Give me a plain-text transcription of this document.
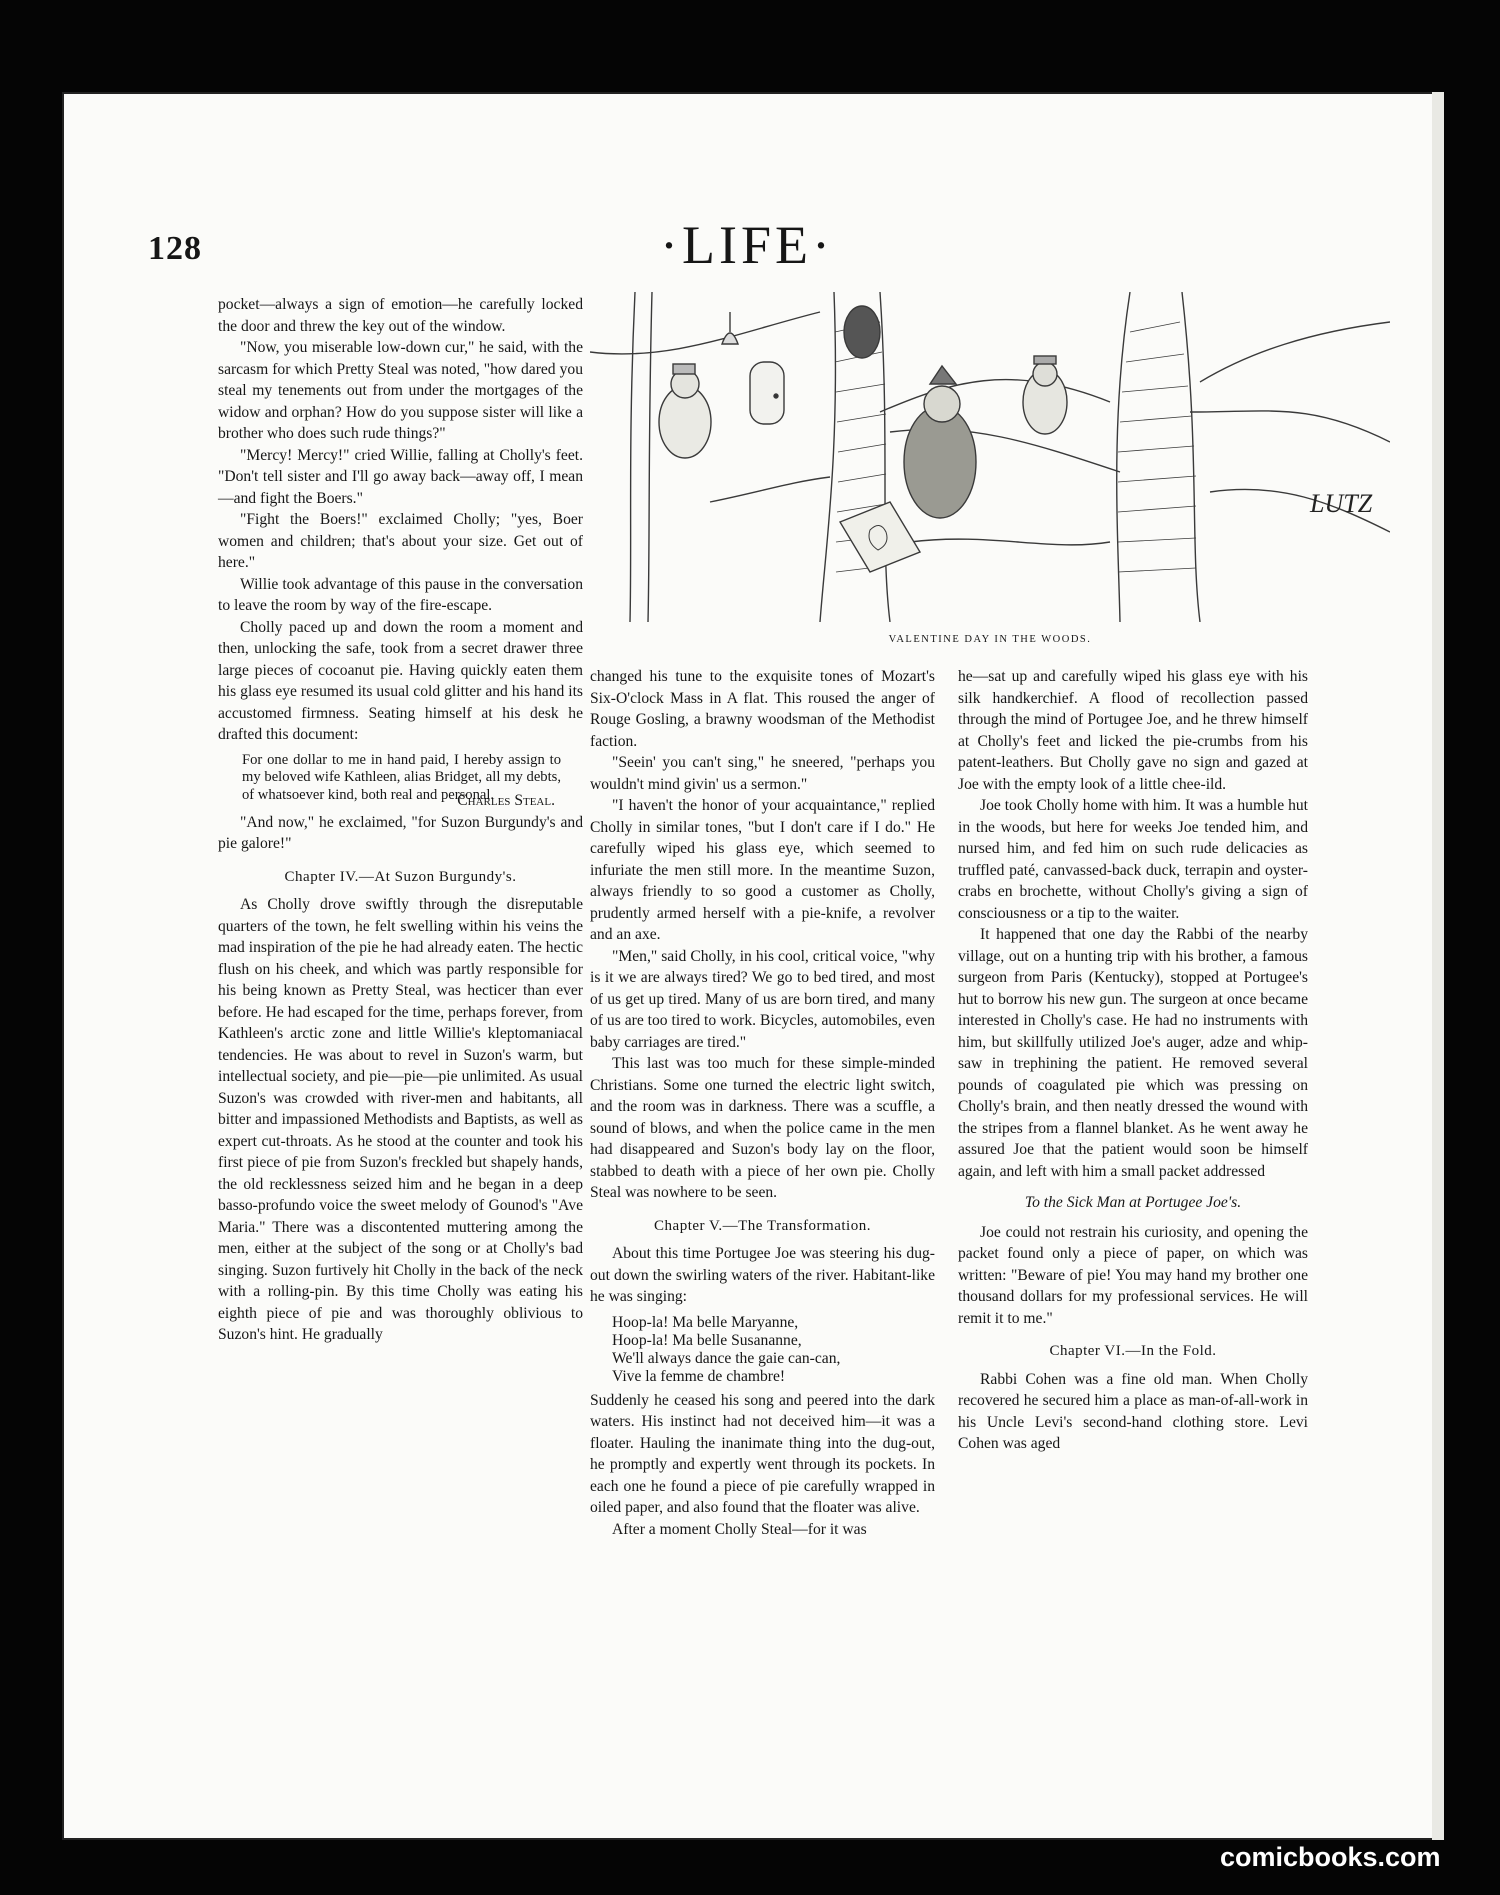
128	·LIFE·
LUTZ
VALENTINE DAY IN THE WOODS.

pocket—always a sign of emotion—he carefully locked the door and threw the key out of the window.

"Now, you miserable low-down cur," he said, with the sarcasm for which Pretty Steal was noted, "how dared you steal my tenements out from under the mortgages of the widow and orphan? How do you suppose sister will like a brother who does such rude things?"

"Mercy! Mercy!" cried Willie, falling at Cholly's feet. "Don't tell sister and I'll go away back—away off, I mean—and fight the Boers."

"Fight the Boers!" exclaimed Cholly; "yes, Boer women and children; that's about your size. Get out of here."

Willie took advantage of this pause in the conversation to leave the room by way of the fire-escape.

Cholly paced up and down the room a moment and then, unlocking the safe, took from a secret drawer three large pieces of cocoanut pie. Having quickly eaten them his glass eye resumed its usual cold glitter and his hand its accustomed firmness. Seating himself at his desk he drafted this document:

For one dollar to me in hand paid, I hereby assign to my beloved wife Kathleen, alias Bridget, all my debts, of whatsoever kind, both real and personal.

Charles Steal.

"And now," he exclaimed, "for Suzon Burgundy's and pie galore!"

Chapter IV.—At Suzon Burgundy's.

As Cholly drove swiftly through the disreputable quarters of the town, he felt swelling within his veins the mad inspiration of the pie he had already eaten. The hectic flush on his cheek, and which was partly responsible for his being known as Pretty Steal, was hecticer than ever before. He had escaped for the time, perhaps forever, from Kathleen's arctic zone and little Willie's kleptomaniacal tendencies. He was about to revel in Suzon's warm, but intellectual society, and pie—pie—pie unlimited. As usual Suzon's was crowded with river-men and habitants, all bitter and impassioned Methodists and Baptists, as well as expert cut-throats. As he stood at the counter and took his first piece of pie from Suzon's freckled but shapely hands, the old recklessness seized him and he began in a deep basso-profundo voice the sweet melody of Gounod's "Ave Maria." There was a discontented muttering among the men, either at the subject of the song or at Cholly's bad singing. Suzon furtively hit Cholly in the back of the neck with a rolling-pin. By this time Cholly was eating his eighth piece of pie and was thoroughly oblivious to Suzon's hint. He gradually

changed his tune to the exquisite tones of Mozart's Six-O'clock Mass in A flat. This roused the anger of Rouge Gosling, a brawny woodsman of the Methodist faction.

"Seein' you can't sing," he sneered, "perhaps you wouldn't mind givin' us a sermon."

"I haven't the honor of your acquaintance," replied Cholly in similar tones, "but I don't care if I do." He carefully wiped his glass eye, which seemed to infuriate the men still more. In the meantime Suzon, always friendly to so good a customer as Cholly, prudently armed herself with a pie-knife, a revolver and an axe.

"Men," said Cholly, in his cool, critical voice, "why is it we are always tired? We go to bed tired, and most of us get up tired. Many of us are born tired, and many of us are too tired to work. Bicycles, automobiles, even baby carriages are tired."

This last was too much for these simple-minded Christians. Some one turned the electric light switch, and the room was in darkness. There was a scuffle, a sound of blows, and when the police came in the men had disappeared and Suzon's body lay on the floor, stabbed to death with a piece of her own pie. Cholly Steal was nowhere to be seen.

Chapter V.—The Transformation.

About this time Portugee Joe was steering his dug-out down the swirling waters of the river. Habitant-like he was singing:

Hoop-la! Ma belle Maryanne,
Hoop-la! Ma belle Susananne,
We'll always dance the gaie can-can,
Vive la femme de chambre!

Suddenly he ceased his song and peered into the dark waters. His instinct had not deceived him—it was a floater. Hauling the inanimate thing into the dug-out, he promptly and expertly went through its pockets. In each one he found a piece of pie carefully wrapped in oiled paper, and also found that the floater was alive.

After a moment Cholly Steal—for it was

he—sat up and carefully wiped his glass eye with his silk handkerchief. A flood of recollection passed through the mind of Portugee Joe, and he threw himself at Cholly's feet and licked the pie-crumbs from his patent-leathers. But Cholly gave no sign and gazed at Joe with the empty look of a little chee-ild.

Joe took Cholly home with him. It was a humble hut in the woods, but here for weeks Joe tended him, and nursed him, and fed him on such rude delicacies as truffled paté, canvassed-back duck, terrapin and oyster-crabs en brochette, without Cholly's giving a sign of consciousness or a tip to the waiter.

It happened that one day the Rabbi of the nearby village, out on a hunting trip with his brother, a famous surgeon from Paris (Kentucky), stopped at Portugee's hut to borrow his new gun. The surgeon at once became interested in Cholly's case. He had no instruments with him, but skillfully utilized Joe's auger, adze and whip-saw in trephining the patient. He removed several pounds of coagulated pie which was pressing on Cholly's brain, and then neatly dressed the wound with the stripes from a flannel blanket. As he went away he assured Joe that the patient would soon be himself again, and left with him a small packet addressed

To the Sick Man at Portugee Joe's.

Joe could not restrain his curiosity, and opening the packet found only a piece of paper, on which was written: "Beware of pie! You may hand my brother one thousand dollars for my professional services. He will remit it to me."

Chapter VI.—In the Fold.

Rabbi Cohen was a fine old man. When Cholly recovered he secured him a place as man-of-all-work in his Uncle Levi's second-hand clothing store. Levi Cohen was aged

comicbooks.com
